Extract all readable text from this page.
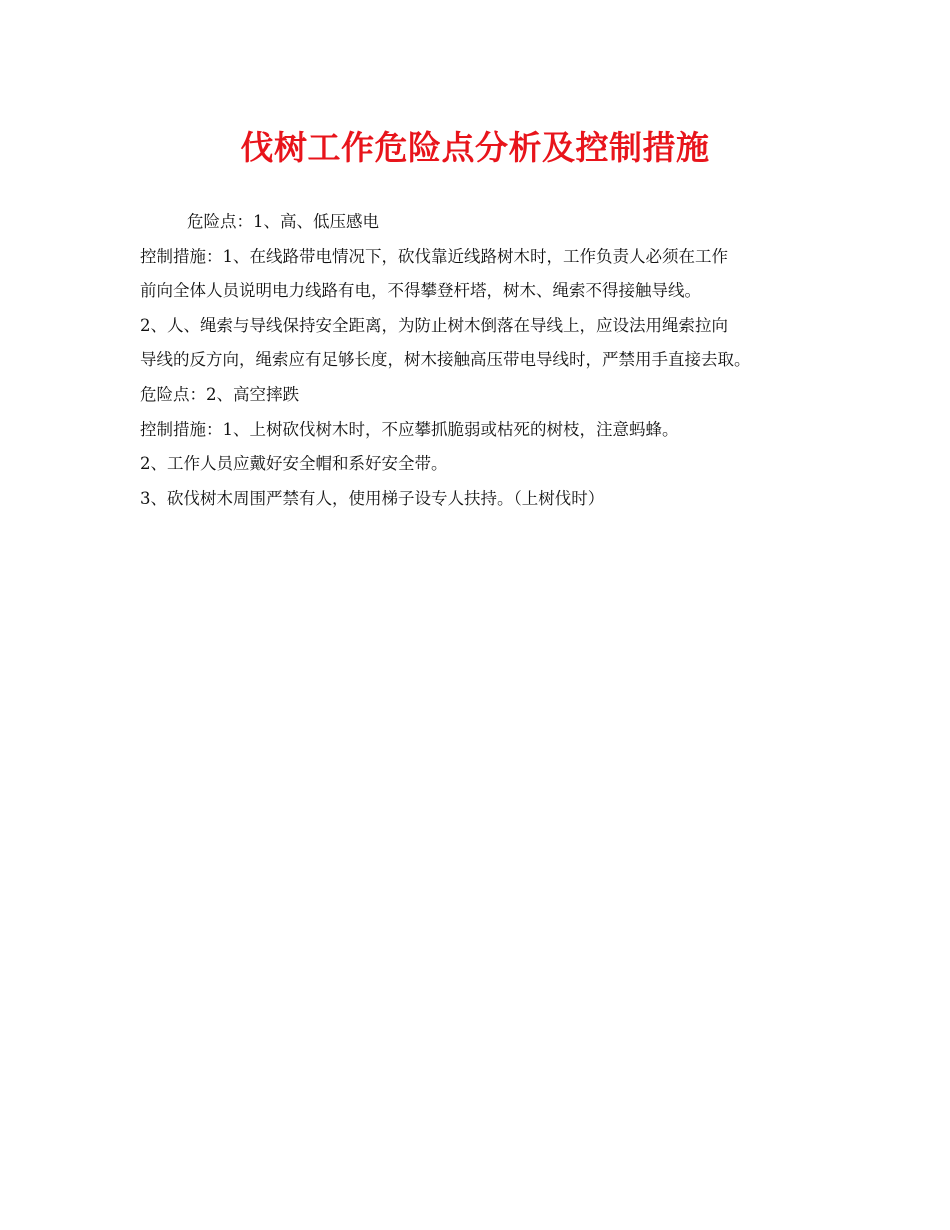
伐树工作危险点分析及控制措施

危险点：1、高、低压感电

控制措施：1、在线路带电情况下，砍伐靠近线路树木时，工作负责人必须在工作

前向全体人员说明电力线路有电，不得攀登杆塔，树木、绳索不得接触导线。

2、人、绳索与导线保持安全距离，为防止树木倒落在导线上，应设法用绳索拉向

导线的反方向，绳索应有足够长度，树木接触高压带电导线时，严禁用手直接去取。

危险点：2、高空摔跌

控制措施：1、上树砍伐树木时，不应攀抓脆弱或枯死的树枝，注意蚂蜂。

2、工作人员应戴好安全帽和系好安全带。

3、砍伐树木周围严禁有人，使用梯子设专人扶持。（上树伐时）
